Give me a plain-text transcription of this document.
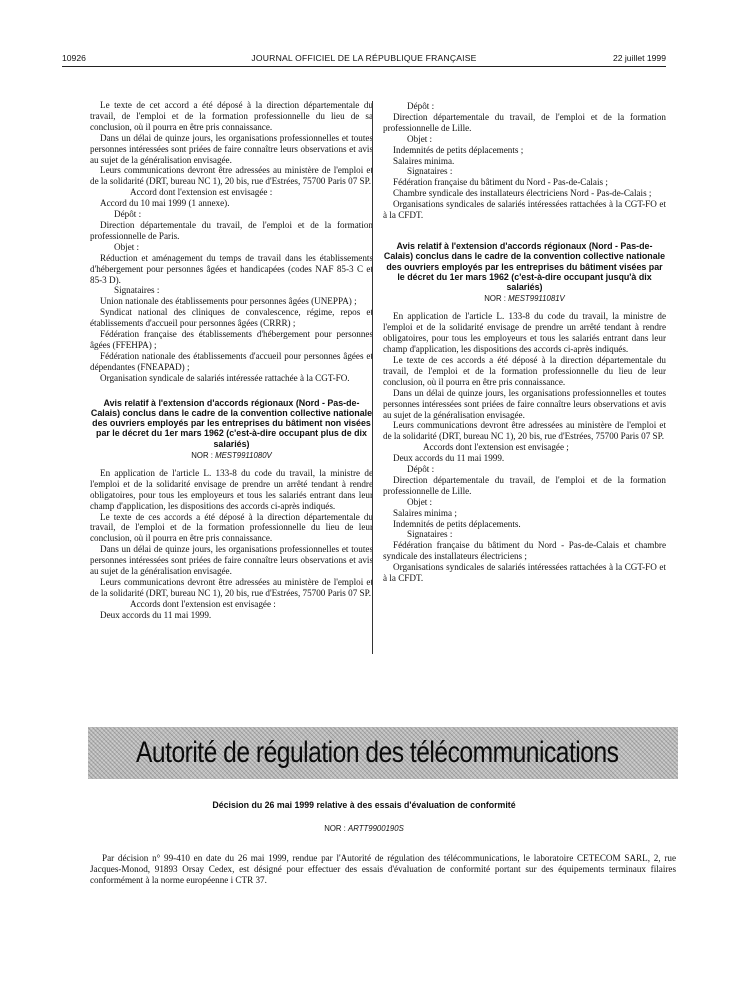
10926	JOURNAL OFFICIEL DE LA RÉPUBLIQUE FRANÇAISE	22 juillet 1999

Le texte de cet accord a été déposé à la direction départementale du travail, de l'emploi et de la formation professionnelle du lieu de sa conclusion, où il pourra en être pris connaissance.

Dans un délai de quinze jours, les organisations professionnelles et toutes personnes intéressées sont priées de faire connaître leurs observations et avis au sujet de la généralisation envisagée.

Leurs communications devront être adressées au ministère de l'emploi et de la solidarité (DRT, bureau NC 1), 20 bis, rue d'Estrées, 75700 Paris 07 SP.

Accord dont l'extension est envisagée :

Accord du 10 mai 1999 (1 annexe).

Dépôt :

Direction départementale du travail, de l'emploi et de la formation professionnelle de Paris.

Objet :

Réduction et aménagement du temps de travail dans les établissements d'hébergement pour personnes âgées et handicapées (codes NAF 85-3 C et 85-3 D).

Signataires :

Union nationale des établissements pour personnes âgées (UNEPPA) ;

Syndicat national des cliniques de convalescence, régime, repos et établissements d'accueil pour personnes âgées (CRRR) ;

Fédération française des établissements d'hébergement pour personnes âgées (FFEHPA) ;

Fédération nationale des établissements d'accueil pour personnes âgées et dépendantes (FNEAPAD) ;

Organisation syndicale de salariés intéressée rattachée à la CGT-FO.

Avis relatif à l'extension d'accords régionaux (Nord - Pas-de-Calais) conclus dans le cadre de la convention collective nationale des ouvriers employés par les entreprises du bâtiment non visées par le décret du 1er mars 1962 (c'est-à-dire occupant plus de dix salariés)

NOR : MEST9911080V

En application de l'article L. 133-8 du code du travail, la ministre de l'emploi et de la solidarité envisage de prendre un arrêté tendant à rendre obligatoires, pour tous les employeurs et tous les salariés entrant dans leur champ d'application, les dispositions des accords ci-après indiqués.

Le texte de ces accords a été déposé à la direction départementale du travail, de l'emploi et de la formation professionnelle du lieu de leur conclusion, où il pourra en être pris connaissance.

Dans un délai de quinze jours, les organisations professionnelles et toutes personnes intéressées sont priées de faire connaître leurs observations et avis au sujet de la généralisation envisagée.

Leurs communications devront être adressées au ministère de l'emploi et de la solidarité (DRT, bureau NC 1), 20 bis, rue d'Estrées, 75700 Paris 07 SP.

Accords dont l'extension est envisagée :

Deux accords du 11 mai 1999.

Dépôt :

Direction départementale du travail, de l'emploi et de la formation professionnelle de Lille.

Objet :

Indemnités de petits déplacements ;

Salaires minima.

Signataires :

Fédération française du bâtiment du Nord - Pas-de-Calais ;

Chambre syndicale des installateurs électriciens Nord - Pas-de-Calais ;

Organisations syndicales de salariés intéressées rattachées à la CGT-FO et à la CFDT.

Avis relatif à l'extension d'accords régionaux (Nord - Pas-de-Calais) conclus dans le cadre de la convention collective nationale des ouvriers employés par les entreprises du bâtiment visées par le décret du 1er mars 1962 (c'est-à-dire occupant jusqu'à dix salariés)

NOR : MEST9911081V

En application de l'article L. 133-8 du code du travail, la ministre de l'emploi et de la solidarité envisage de prendre un arrêté tendant à rendre obligatoires, pour tous les employeurs et tous les salariés entrant dans leur champ d'application, les dispositions des accords ci-après indiqués.

Le texte de ces accords a été déposé à la direction départementale du travail, de l'emploi et de la formation professionnelle du lieu de leur conclusion, où il pourra en être pris connaissance.

Dans un délai de quinze jours, les organisations professionnelles et toutes personnes intéressées sont priées de faire connaître leurs observations et avis au sujet de la généralisation envisagée.

Leurs communications devront être adressées au ministère de l'emploi et de la solidarité (DRT, bureau NC 1), 20 bis, rue d'Estrées, 75700 Paris 07 SP.

Accords dont l'extension est envisagée ;

Deux accords du 11 mai 1999.

Dépôt :

Direction départementale du travail, de l'emploi et de la formation professionnelle de Lille.

Objet :

Salaires minima ;

Indemnités de petits déplacements.

Signataires :

Fédération française du bâtiment du Nord - Pas-de-Calais et chambre syndicale des installateurs électriciens ;

Organisations syndicales de salariés intéressées rattachées à la CGT-FO et à la CFDT.

Autorité de régulation des télécommunications
Décision du 26 mai 1999 relative à des essais d'évaluation de conformité
NOR : ARTT9900190S

Par décision n° 99-410 en date du 26 mai 1999, rendue par l'Autorité de régulation des télécommunications, le laboratoire CETECOM SARL, 2, rue Jacques-Monod, 91893 Orsay Cedex, est désigné pour effectuer des essais d'évaluation de conformité portant sur des équipements terminaux filaires conformément à la norme européenne i CTR 37.
